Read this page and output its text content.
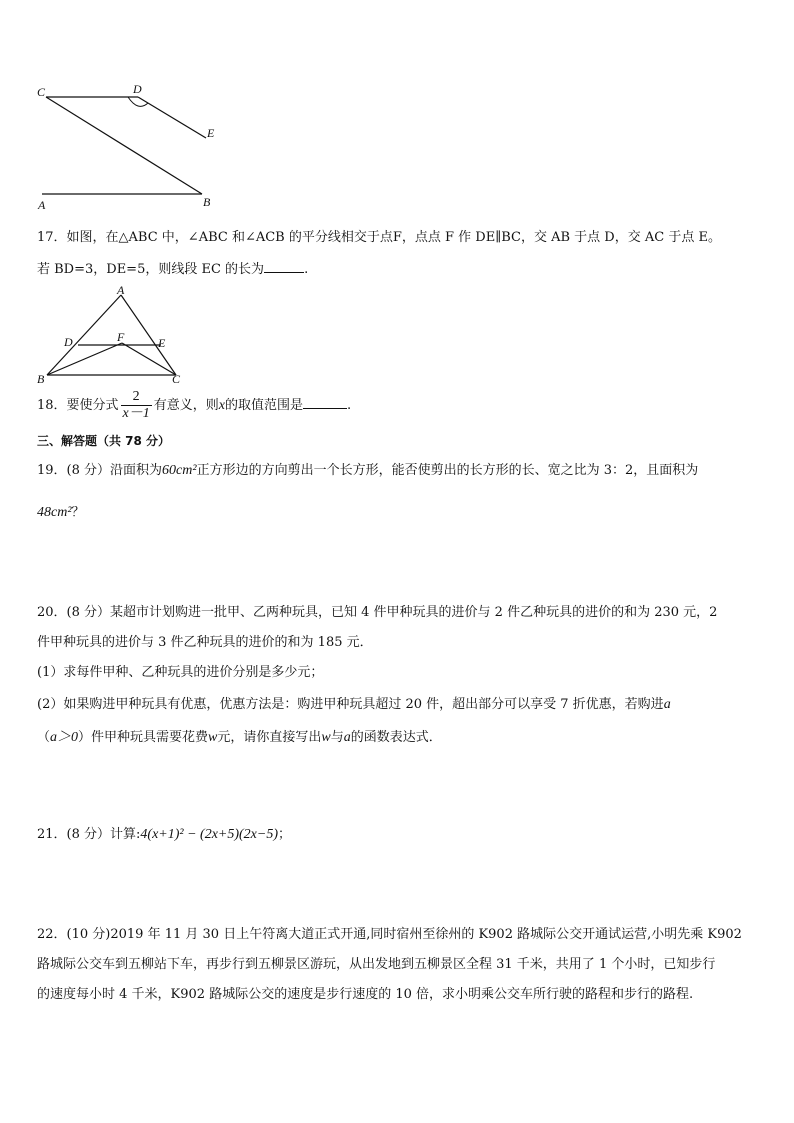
C	D
E
A	B
17．如图，在△ABC 中，∠ABC 和∠ACB 的平分线相交于点F，点点 F 作 DE∥BC，交 AB 于点 D，交 AC 于点 E。
若 BD=3，DE=5，则线段 EC 的长为	.
A
D	F	E
B	C
18．要使分式 $\frac{2}{x-1}$ 有意义，则x的取值范围是	.
三、解答题（共 78 分）
19．(8 分）沿面积为60cm²正方形边的方向剪出一个长方形，能否使剪出的长方形的长、宽之比为 3：2，且面积为
48cm²？
20．(8 分）某超市计划购进一批甲、乙两种玩具，已知 4 件甲种玩具的进价与 2 件乙种玩具的进价的和为 230 元，2
件甲种玩具的进价与 3 件乙种玩具的进价的和为 185 元．
(1）求每件甲种、乙种玩具的进价分别是多少元；
(2）如果购进甲种玩具有优惠，优惠方法是：购进甲种玩具超过 20 件，超出部分可以享受 7 折优惠，若购进a
（a＞0）件甲种玩具需要花费w元，请你直接写出w与a的函数表达式．
21．(8 分）计算:4(x+1)² − (2x+5)(2x−5)；
22．(10 分)2019 年 11 月 30 日上午符离大道正式开通,同时宿州至徐州的 K902 路城际公交开通试运营,小明先乘 K902
路城际公交车到五柳站下车，再步行到五柳景区游玩，从出发地到五柳景区全程 31 千米，共用了 1 个小时，已知步行
的速度每小时 4 千米，K902 路城际公交的速度是步行速度的 10 倍，求小明乘公交车所行驶的路程和步行的路程.
